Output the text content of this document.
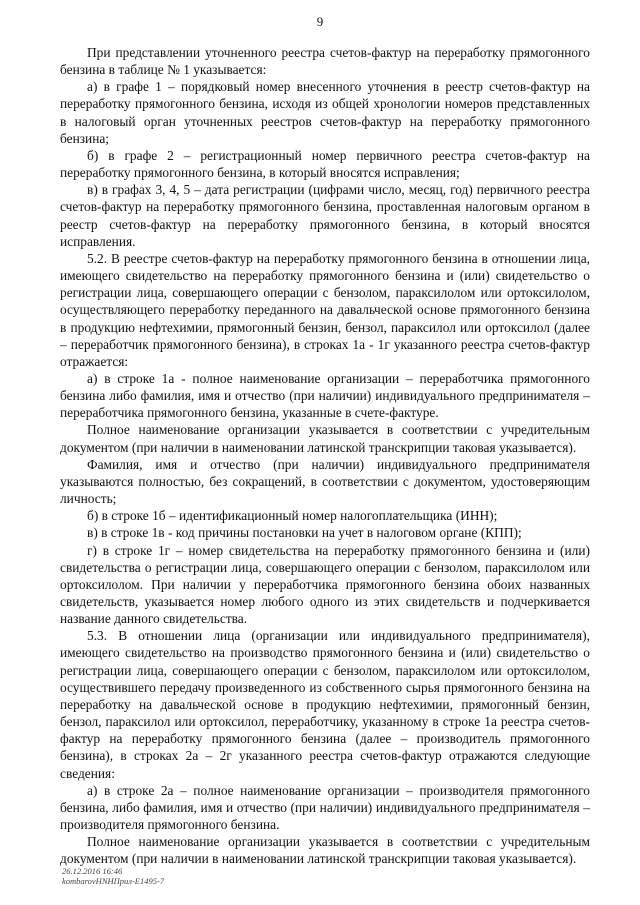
9

При представлении уточненного реестра счетов-фактур на переработку прямогонного бензина в таблице № 1 указывается:

а) в графе 1 – порядковый номер внесенного уточнения в реестр счетов-фактур на переработку прямогонного бензина, исходя из общей хронологии номеров представленных в налоговый орган уточненных реестров счетов-фактур на переработку прямогонного бензина;

б) в графе 2 – регистрационный номер первичного реестра счетов-фактур на переработку прямогонного бензина, в который вносятся исправления;

в) в графах 3, 4, 5 – дата регистрации (цифрами число, месяц, год) первичного реестра счетов-фактур на переработку прямогонного бензина, проставленная налоговым органом в реестр счетов-фактур на переработку прямогонного бензина, в который вносятся исправления.

5.2. В реестре счетов-фактур на переработку прямогонного бензина в отношении лица, имеющего свидетельство на переработку прямогонного бензина и (или) свидетельство о регистрации лица, совершающего операции с бензолом, параксилолом или ортоксилолом, осуществляющего переработку переданного на давальческой основе прямогонного бензина в продукцию нефтехимии, прямогонный бензин, бензол, параксилол или ортоксилол (далее – переработчик прямогонного бензина), в строках 1а - 1г указанного реестра счетов-фактур отражается:

а) в строке 1а - полное наименование организации – переработчика прямогонного бензина либо фамилия, имя и отчество (при наличии) индивидуального предпринимателя – переработчика прямогонного бензина, указанные в счете-фактуре.

Полное наименование организации указывается в соответствии с учредительным документом (при наличии в наименовании латинской транскрипции таковая указывается).

Фамилия, имя и отчество (при наличии) индивидуального предпринимателя указываются полностью, без сокращений, в соответствии с документом, удостоверяющим личность;

б) в строке 1б – идентификационный номер налогоплательщика (ИНН);

в) в строке 1в - код причины постановки на учет в налоговом органе (КПП);

г) в строке 1г – номер свидетельства на переработку прямогонного бензина и (или) свидетельства о регистрации лица, совершающего операции с бензолом, параксилолом или ортоксилолом. При наличии у переработчика прямогонного бензина обоих названных свидетельств, указывается номер любого одного из этих свидетельств и подчеркивается название данного свидетельства.

5.3. В отношении лица (организации или индивидуального предпринимателя), имеющего свидетельство на производство прямогонного бензина и (или) свидетельство о регистрации лица, совершающего операции с бензолом, параксилолом или ортоксилолом, осуществившего передачу произведенного из собственного сырья прямогонного бензина на переработку на давальческой основе в продукцию нефтехимии, прямогонный бензин, бензол, параксилол или ортоксилол, переработчику, указанному в строке 1а реестра счетов-фактур на переработку прямогонного бензина (далее – производитель прямогонного бензина), в строках 2а – 2г указанного реестра счетов-фактур отражаются следующие сведения:

а) в строке 2а – полное наименование организации – производителя прямогонного бензина, либо фамилия, имя и отчество (при наличии) индивидуального предпринимателя – производителя прямогонного бензина.

Полное наименование организации указывается в соответствии с учредительным документом (при наличии в наименовании латинской транскрипции таковая указывается).

26.12.2016 16:46
kombarovHNHПрил-Е1495-7
